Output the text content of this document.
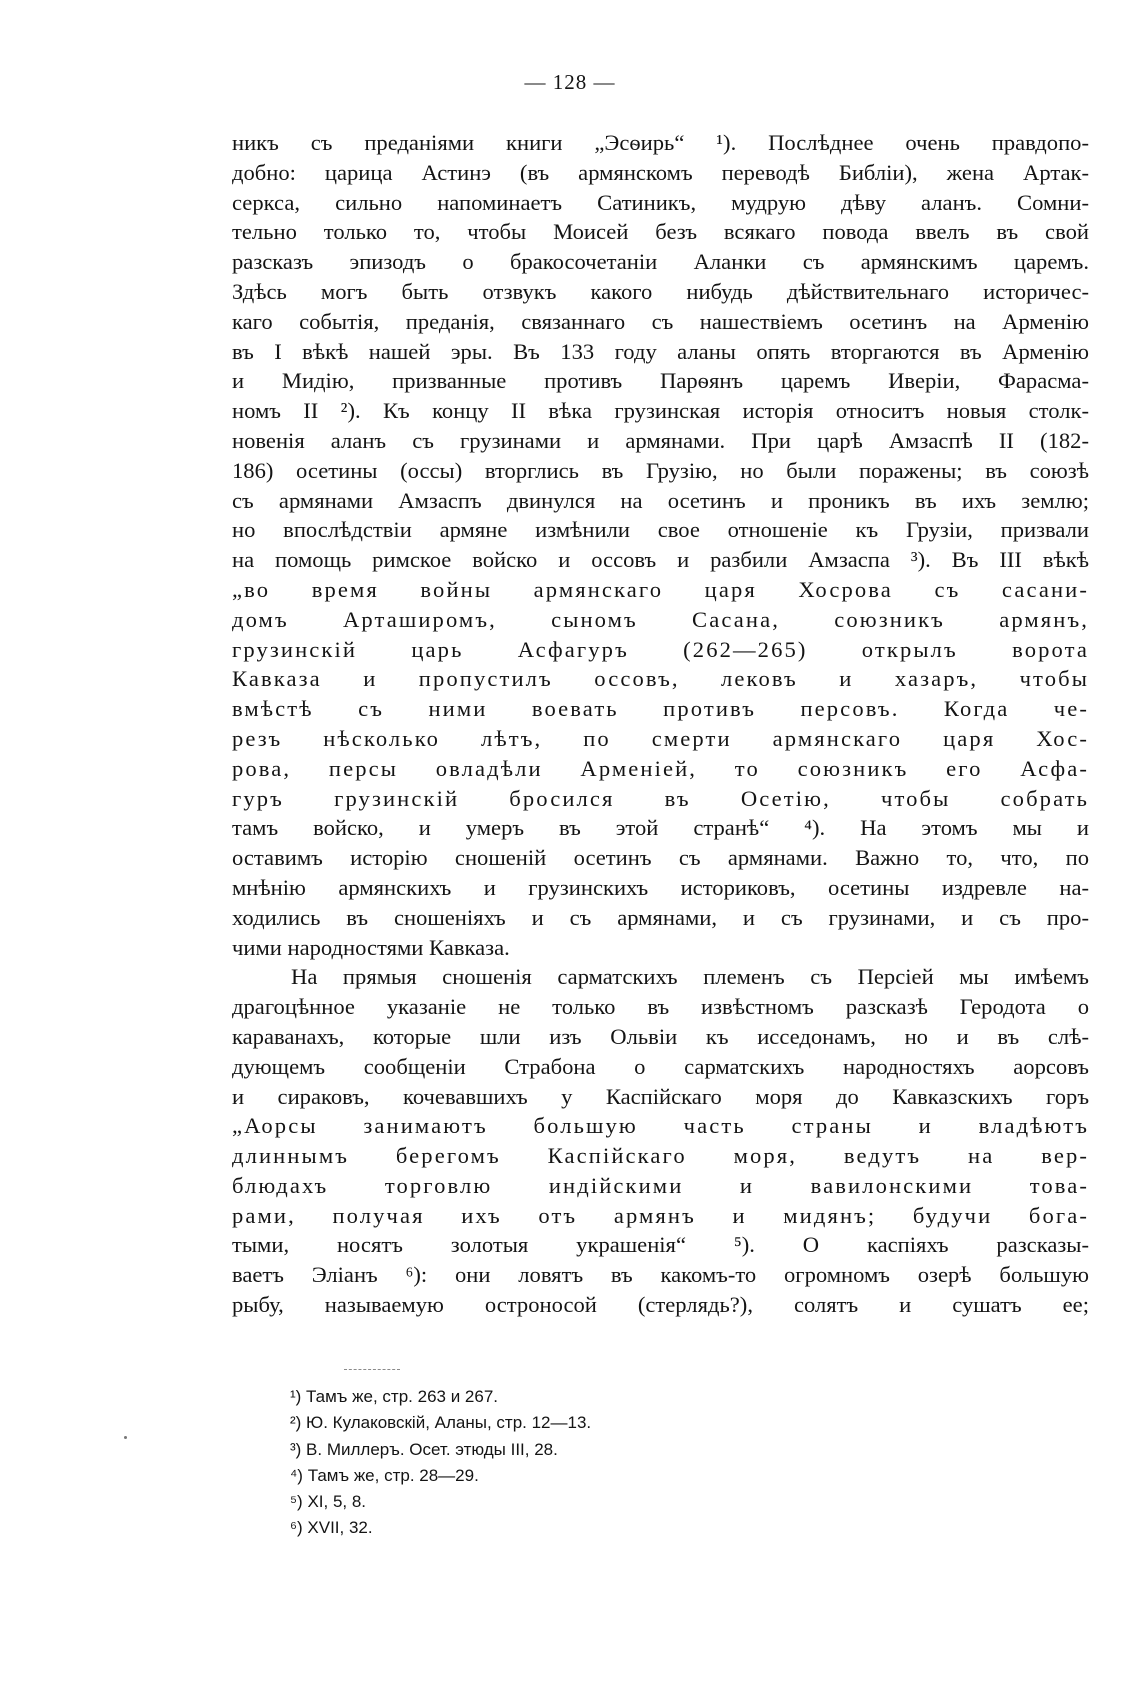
— 128 —
никъ съ преданіями книги „Эсѳирь“ ¹). Послѣднее очень правдопо-
добно: царица Астинэ (въ армянскомъ переводѣ Библіи), жена Артак-
серкса, сильно напоминаетъ Сатиникъ, мудрую дѣву аланъ. Сомни-
тельно только то, чтобы Моисей безъ всякаго повода ввелъ въ свой
разсказъ эпизодъ о бракосочетаніи Аланки съ армянскимъ царемъ.
Здѣсь могъ быть отзвукъ какого нибудь дѣйствительнаго историчес-
каго событія, преданія, связаннаго съ нашествіемъ осетинъ на Арменію
въ I вѣкѣ нашей эры. Въ 133 году аланы опять вторгаются въ Арменію
и Мидію, призванные противъ Парѳянъ царемъ Иверіи, Фарасма-
номъ II ²). Къ концу II вѣка грузинская исторія относитъ новыя столк-
новенія аланъ съ грузинами и армянами. При царѣ Амзаспѣ II (182-
186) осетины (оссы) вторглись въ Грузію, но были поражены; въ союзѣ
съ армянами Амзаспъ двинулся на осетинъ и проникъ въ ихъ землю;
но впослѣдствіи армяне измѣнили свое отношеніе къ Грузіи, призвали
на помощь римское войско и оссовъ и разбили Амзаспа ³). Въ III вѣкѣ
„во время войны армянскаго царя Хосрова съ сасани-
домъ Арташиромъ, сыномъ Сасана, союзникъ армянъ,
грузинскій царь Асфагуръ (262—265) открылъ ворота
Кавказа и пропустилъ оссовъ, лековъ и хазаръ, чтобы
вмѣстѣ съ ними воевать противъ персовъ. Когда че-
резъ нѣсколько лѣтъ, по смерти армянскаго царя Хос-
рова, персы овладѣли Арменіей, то союзникъ его Асфа-
гуръ грузинскій бросился въ Осетію, чтобы собрать
тамъ войско, и умеръ въ этой странѣ“ ⁴). На этомъ мы и
оставимъ исторію сношеній осетинъ съ армянами. Важно то, что, по
мнѣнію армянскихъ и грузинскихъ историковъ, осетины издревле на-
ходились въ сношеніяхъ и съ армянами, и съ грузинами, и съ про-
чими народностями Кавказа.
На прямыя сношенія сарматскихъ племенъ съ Персіей мы имѣемъ
драгоцѣнное указаніе не только въ извѣстномъ разсказѣ Геродота о
караванахъ, которые шли изъ Ольвіи къ исседонамъ, но и въ слѣ-
дующемъ сообщеніи Страбона о сарматскихъ народностяхъ аорсовъ
и сираковъ, кочевавшихъ у Каспійскаго моря до Кавказскихъ горъ
„Аорсы занимаютъ большую часть страны и владѣютъ
длиннымъ берегомъ Каспійскаго моря, ведутъ на вер-
блюдахъ торговлю индійскими и вавилонскими това-
рами, получая ихъ отъ армянъ и мидянъ; будучи бога-
тыми, носятъ золотыя украшенія“ ⁵). О каспіяхъ разсказы-
ваетъ Эліанъ ⁶): они ловятъ въ какомъ-то огромномъ озерѣ большую
рыбу, называемую остроносой (стерлядь?), солятъ и сушатъ ее;
¹) Тамъ же, стр. 263 и 267.
²) Ю. Кулаковскій, Аланы, стр. 12—13.
³) В. Миллеръ. Осет. этюды III, 28.
⁴) Тамъ же, стр. 28—29.
⁵) XI, 5, 8.
⁶) XVII, 32.
